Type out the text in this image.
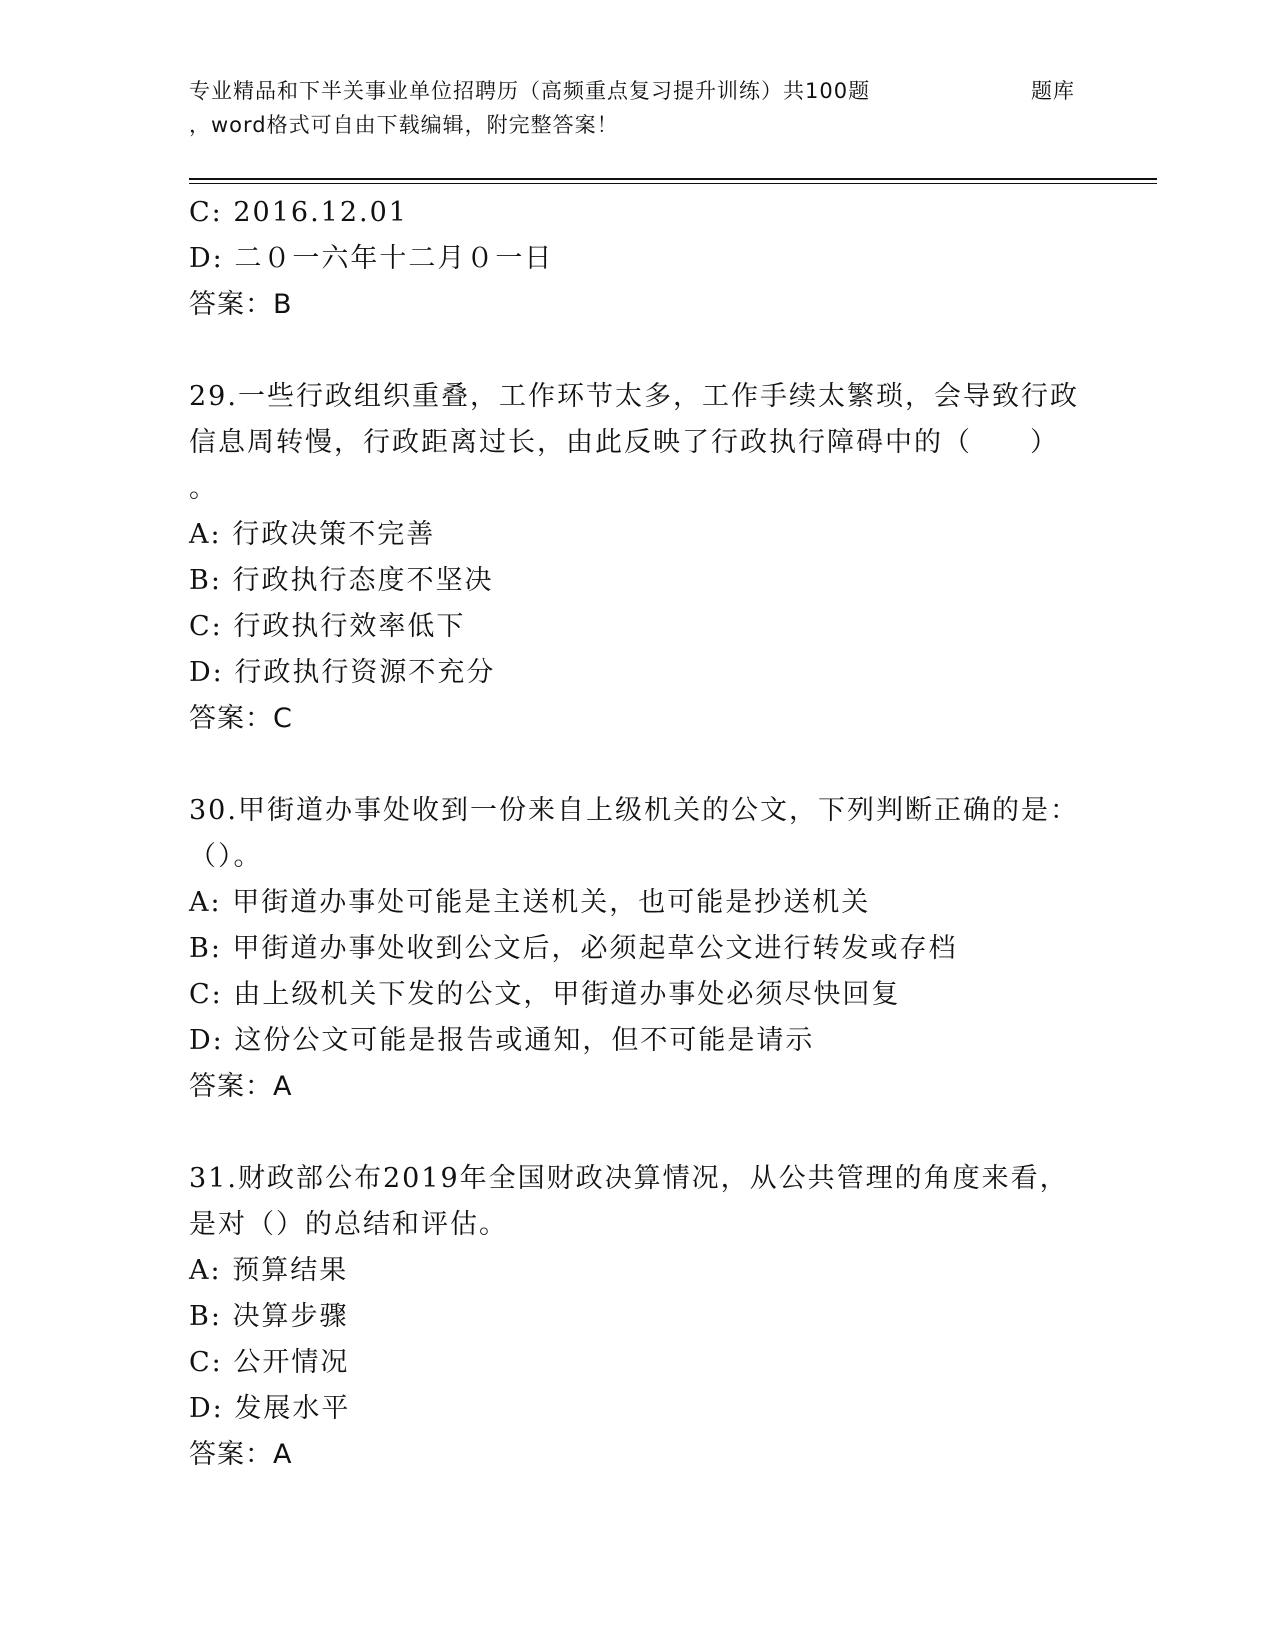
专业精品和下半关事业单位招聘历（高频重点复习提升训练）共100题	题库
，word格式可自由下载编辑，附完整答案！
C: 2016.12.01
D: 二０一六年十二月０一日
答案：B
29.一些行政组织重叠，工作环节太多，工作手续太繁琐，会导致行政
信息周转慢，行政距离过长，由此反映了行政执行障碍中的（　　）
。
A: 行政决策不完善
B: 行政执行态度不坚决
C: 行政执行效率低下
D: 行政执行资源不充分
答案：C
30.甲街道办事处收到一份来自上级机关的公文，下列判断正确的是：
（）。
A: 甲街道办事处可能是主送机关，也可能是抄送机关
B: 甲街道办事处收到公文后，必须起草公文进行转发或存档
C: 由上级机关下发的公文，甲街道办事处必须尽快回复
D: 这份公文可能是报告或通知，但不可能是请示
答案：A
31.财政部公布2019年全国财政决算情况，从公共管理的角度来看，
是对（）的总结和评估。
A: 预算结果
B: 决算步骤
C: 公开情况
D: 发展水平
答案：A
